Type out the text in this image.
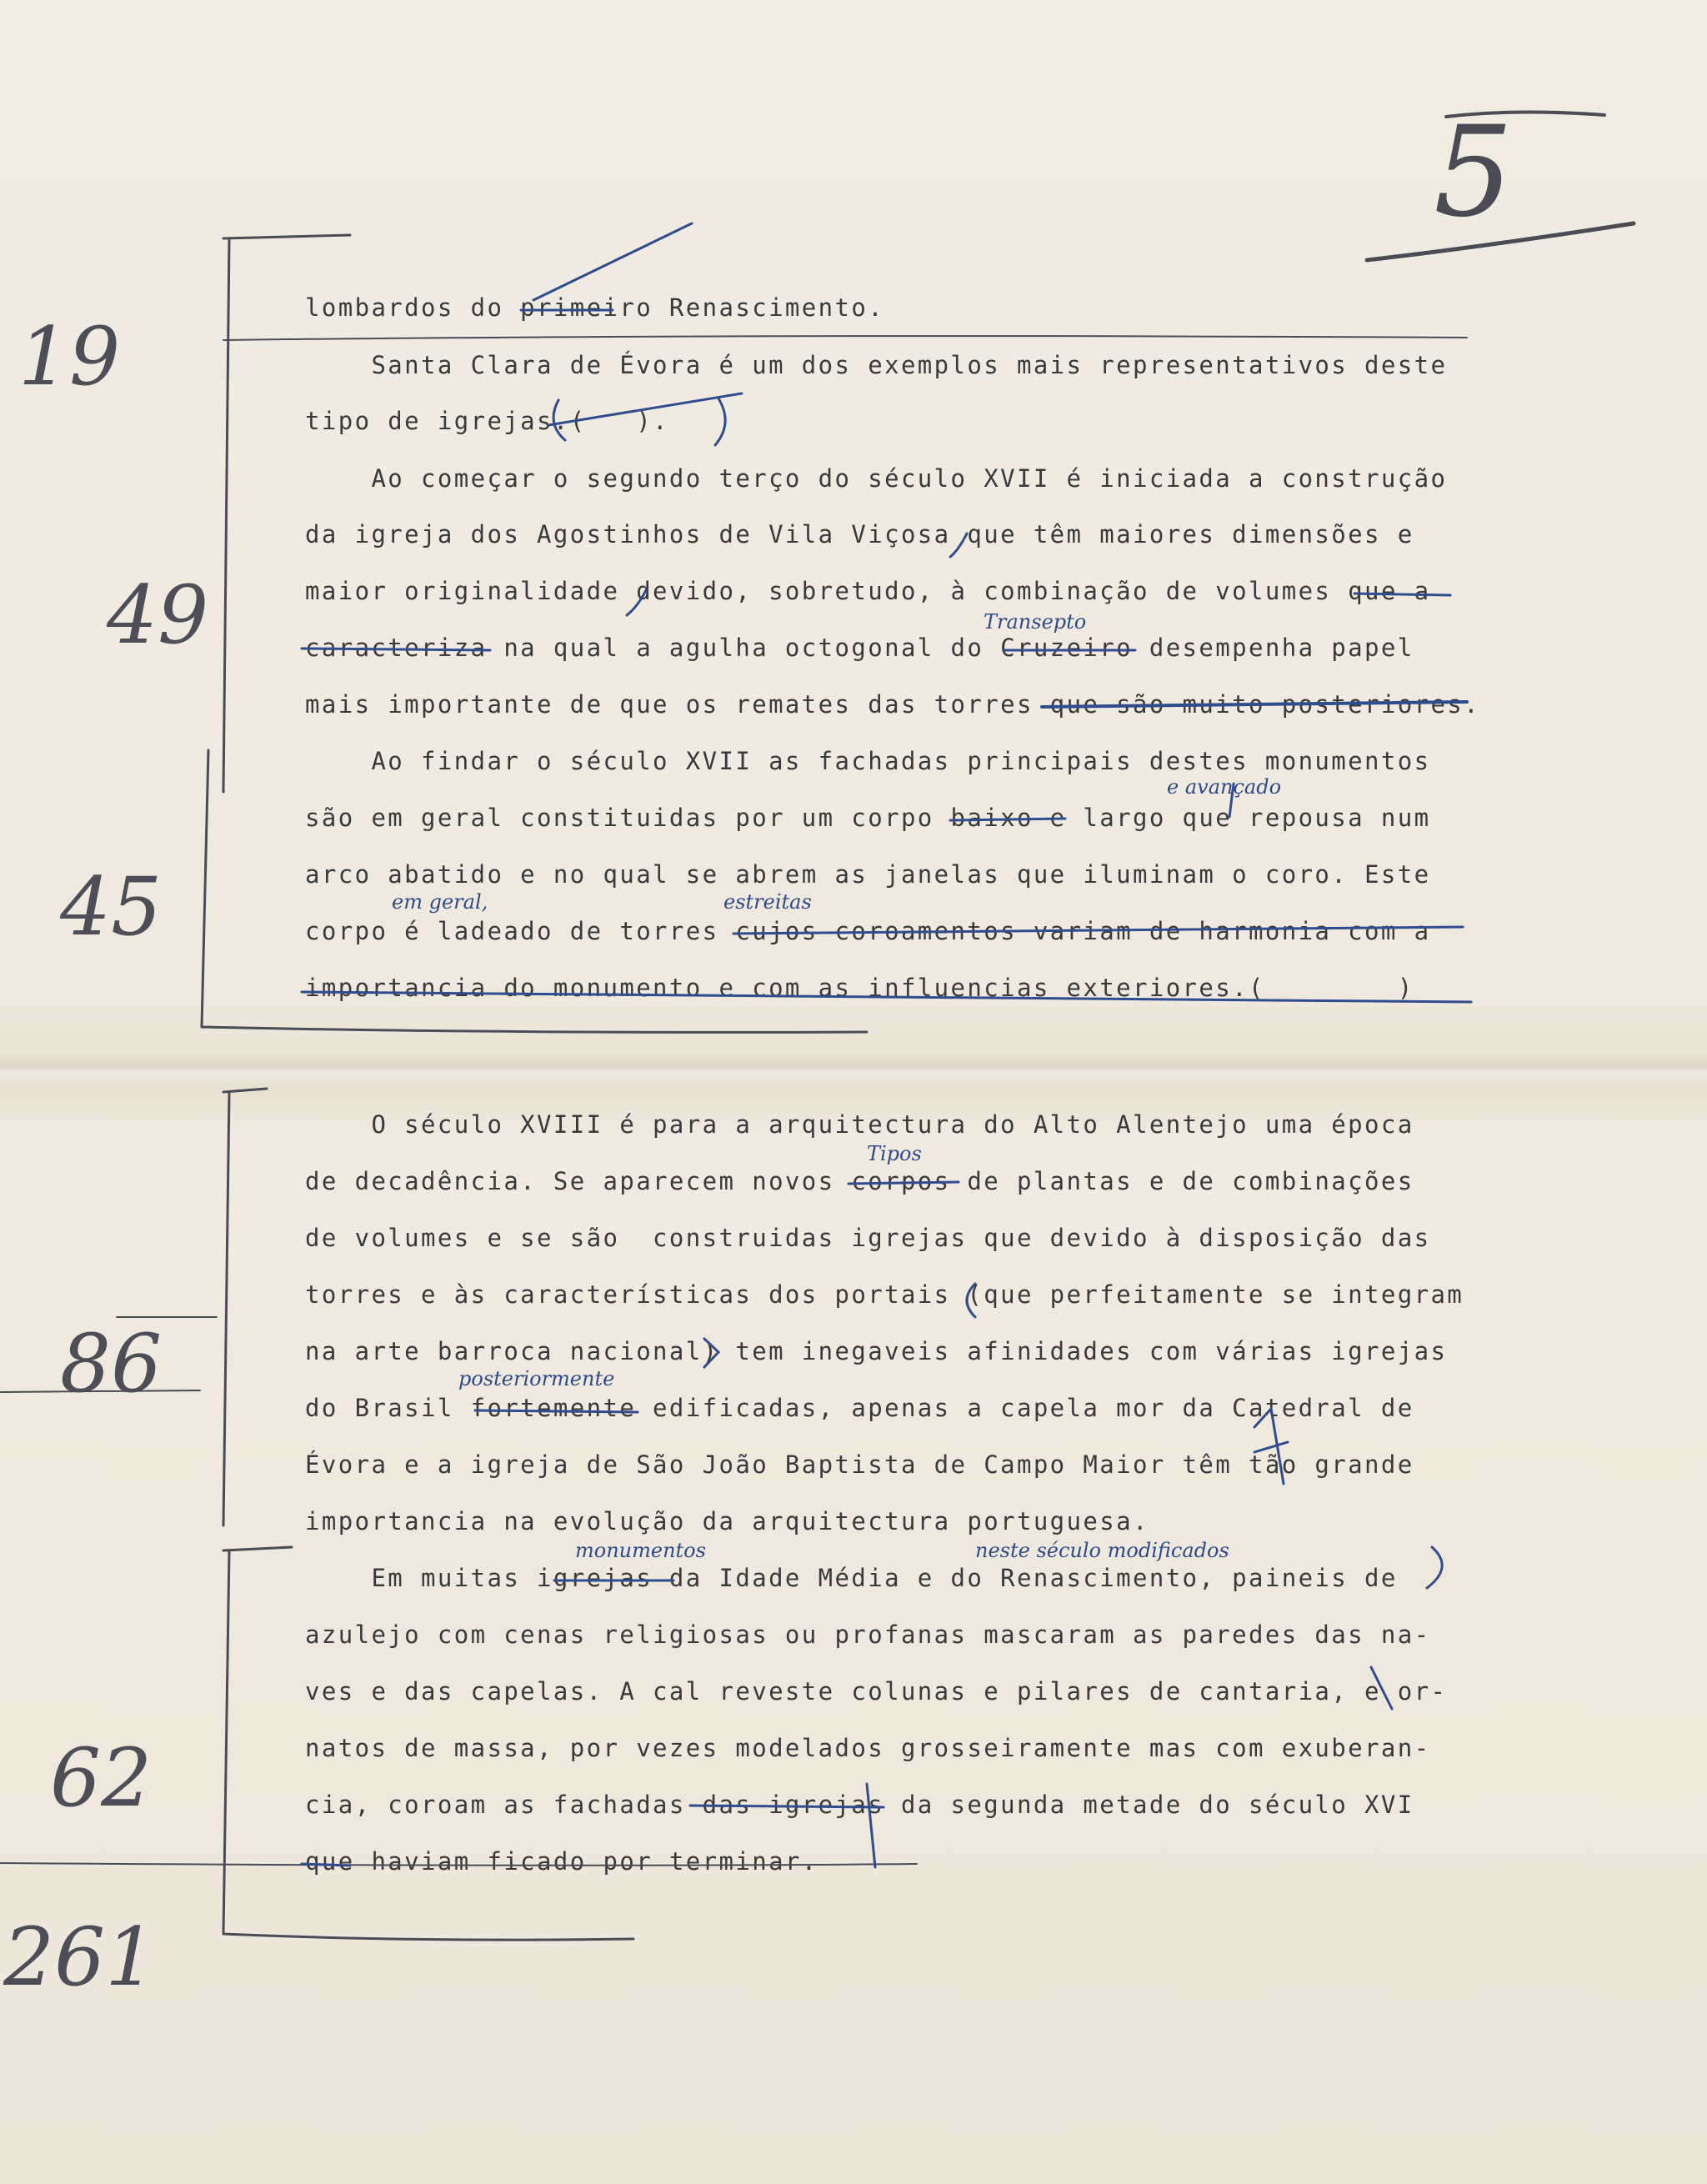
5
19
49
45
86
62
261
lombardos do primeiro Renascimento.
Santa Clara de Évora é um dos exemplos mais representativos deste
tipo de igrejas.(   ).
Ao começar o segundo terço do século XVII é iniciada a construção
da igreja dos Agostinhos de Vila Viçosa que têm maiores dimensões e
maior originalidade devido, sobretudo, à combinação de volumes que a
caracteriza na qual a agulha octogonal do Cruzeiro desempenha papel
mais importante de que os remates das torres que são muito posteriores.
Ao findar o século XVII as fachadas principais destes monumentos
são em geral constituidas por um corpo baixo e largo que repousa num
arco abatido e no qual se abrem as janelas que iluminam o coro. Este
corpo é ladeado de torres cujos coroamentos variam de harmonia com a
importancia do monumento e com as influencias exteriores.(        )
O século XVIII é para a arquitectura do Alto Alentejo uma época
de decadência. Se aparecem novos corpos de plantas e de combinações
de volumes e se são  construidas igrejas que devido à disposição das
torres e às características dos portais (que perfeitamente se integram
na arte barroca nacional) tem inegaveis afinidades com várias igrejas
do Brasil fortemente edificadas, apenas a capela mor da Catedral de
Évora e a igreja de São João Baptista de Campo Maior têm tão grande
importancia na evolução da arquitectura portuguesa.
Em muitas igrejas da Idade Média e do Renascimento, paineis de
azulejo com cenas religiosas ou profanas mascaram as paredes das na-
ves e das capelas. A cal reveste colunas e pilares de cantaria, e or-
natos de massa, por vezes modelados grosseiramente mas com exuberan-
cia, coroam as fachadas das igrejas da segunda metade do século XVI
que haviam ficado por terminar.
Transepto
e avançado
em geral,	estreitas
Tipos
posteriormente
monumentos	neste século modificados
